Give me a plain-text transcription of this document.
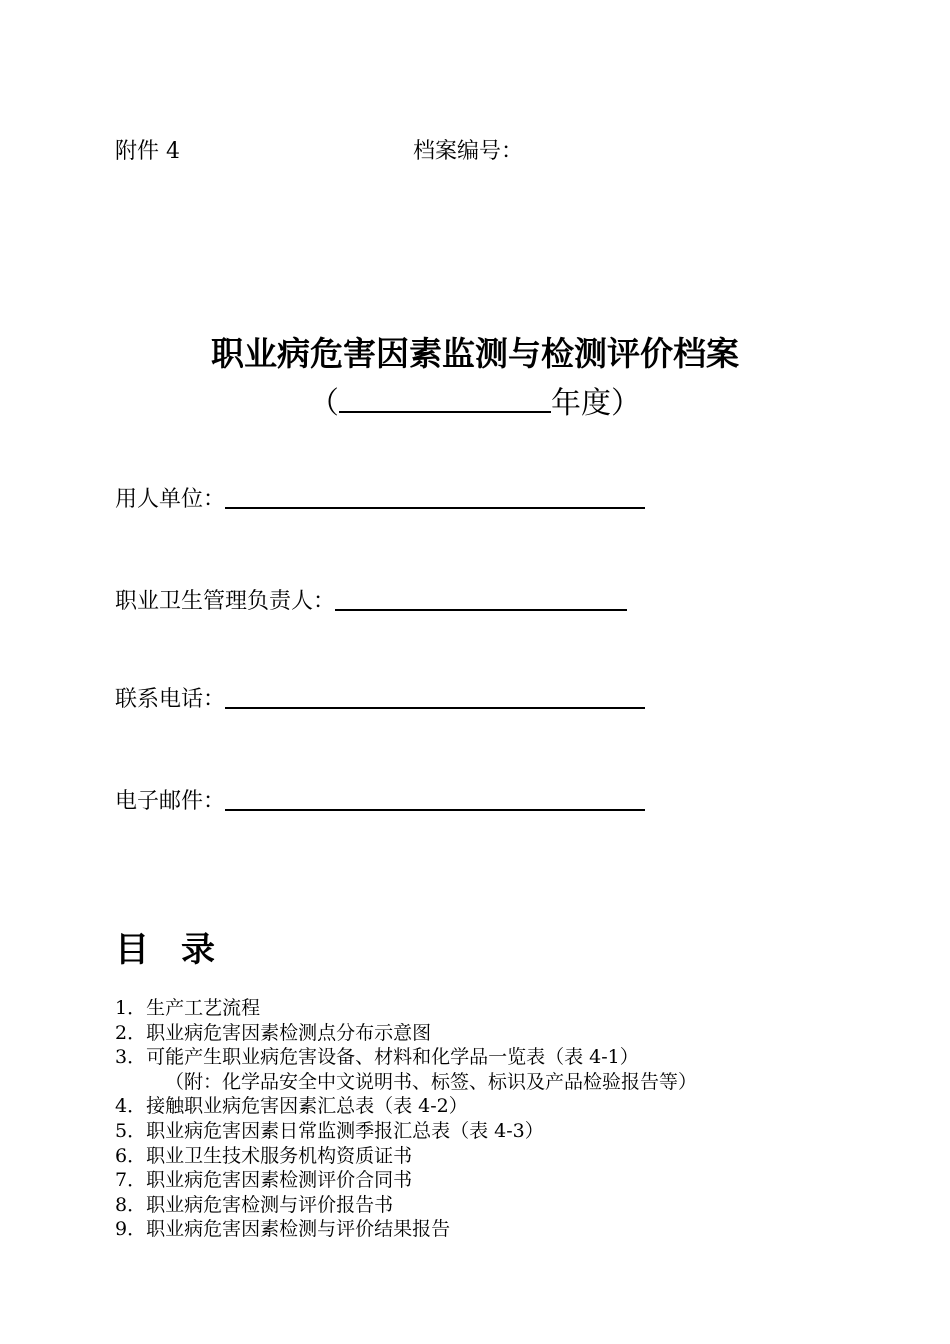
附件 4	档案编号：
职业病危害因素监测与检测评价档案
（	年度）
用人单位：
职业卫生管理负责人：
联系电话：
电子邮件：
目 录
1．生产工艺流程
2．职业病危害因素检测点分布示意图
3．可能产生职业病危害设备、材料和化学品一览表（表 4-1）
（附：化学品安全中文说明书、标签、标识及产品检验报告等）
4．接触职业病危害因素汇总表（表 4-2）
5．职业病危害因素日常监测季报汇总表（表 4-3）
6．职业卫生技术服务机构资质证书
7．职业病危害因素检测评价合同书
8．职业病危害检测与评价报告书
9．职业病危害因素检测与评价结果报告
